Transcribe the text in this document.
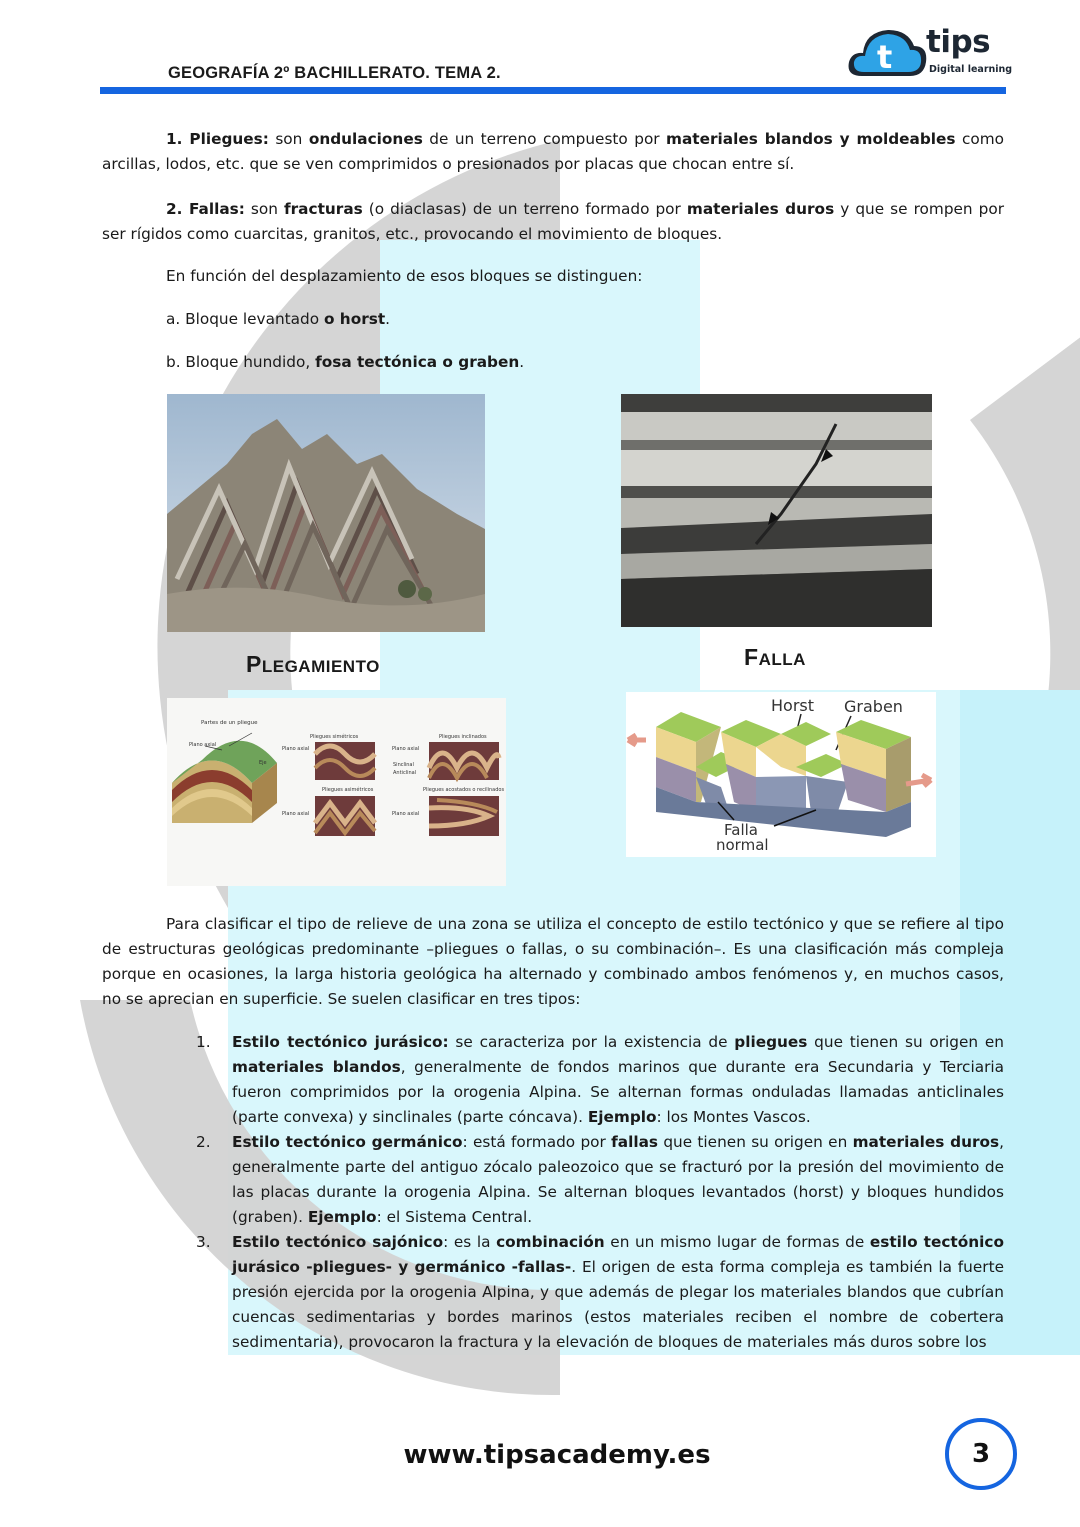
GEOGRAFÍA 2º BACHILLERATO. TEMA 2.	t tips
Digital learning

1. Pliegues: son ondulaciones de un terreno compuesto por materiales blandos y moldeables como arcillas, lodos, etc. que se ven comprimidos o presionados por placas que chocan entre sí.

2. Fallas: son fracturas (o diaclasas) de un terreno formado por materiales duros y que se rompen por ser rígidos como cuarcitas, granitos, etc., provocando el movimiento de bloques.

En función del desplazamiento de esos bloques se distinguen:

a. Bloque levantado o horst.

b. Bloque hundido, fosa tectónica o graben.

PLEGAMIENTO	FALLA
Partes de un pliegue
Plano axial
Eje
Pliegues simétricos	Pliegues inclinados
Pliegues asimétricos	Pliegues acostados o recilinados
Plano axial	Plano axial
Plano axial	Plano axial
Sinclinal
Anticlinal
Horst Graben
Falla
normal

Para clasificar el tipo de relieve de una zona se utiliza el concepto de estilo tectónico y que se refiere al tipo de estructuras geológicas predominante –pliegues o fallas, o su combinación–. Es una clasificación más compleja porque en ocasiones, la larga historia geológica ha alternado y combinado ambos fenómenos y, en muchos casos, no se aprecian en superficie. Se suelen clasificar en tres tipos:

1. Estilo tectónico jurásico: se caracteriza por la existencia de pliegues que tienen su origen en materiales blandos, generalmente de fondos marinos que durante era Secundaria y Terciaria fueron comprimidos por la orogenia Alpina. Se alternan formas onduladas llamadas anticlinales (parte convexa) y sinclinales (parte cóncava). Ejemplo: los Montes Vascos.
2. Estilo tectónico germánico: está formado por fallas que tienen su origen en materiales duros, generalmente parte del antiguo zócalo paleozoico que se fracturó por la presión del movimiento de las placas durante la orogenia Alpina. Se alternan bloques levantados (horst) y bloques hundidos (graben). Ejemplo: el Sistema Central.
3. Estilo tectónico sajónico: es la combinación en un mismo lugar de formas de estilo tectónico jurásico -pliegues- y germánico -fallas-. El origen de esta forma compleja es también la fuerte presión ejercida por la orogenia Alpina, y que además de plegar los materiales blandos que cubrían cuencas sedimentarias y bordes marinos (estos materiales reciben el nombre de cobertera sedimentaria), provocaron la fractura y la elevación de bloques de materiales más duros sobre los
www.tipsacademy.es	3
